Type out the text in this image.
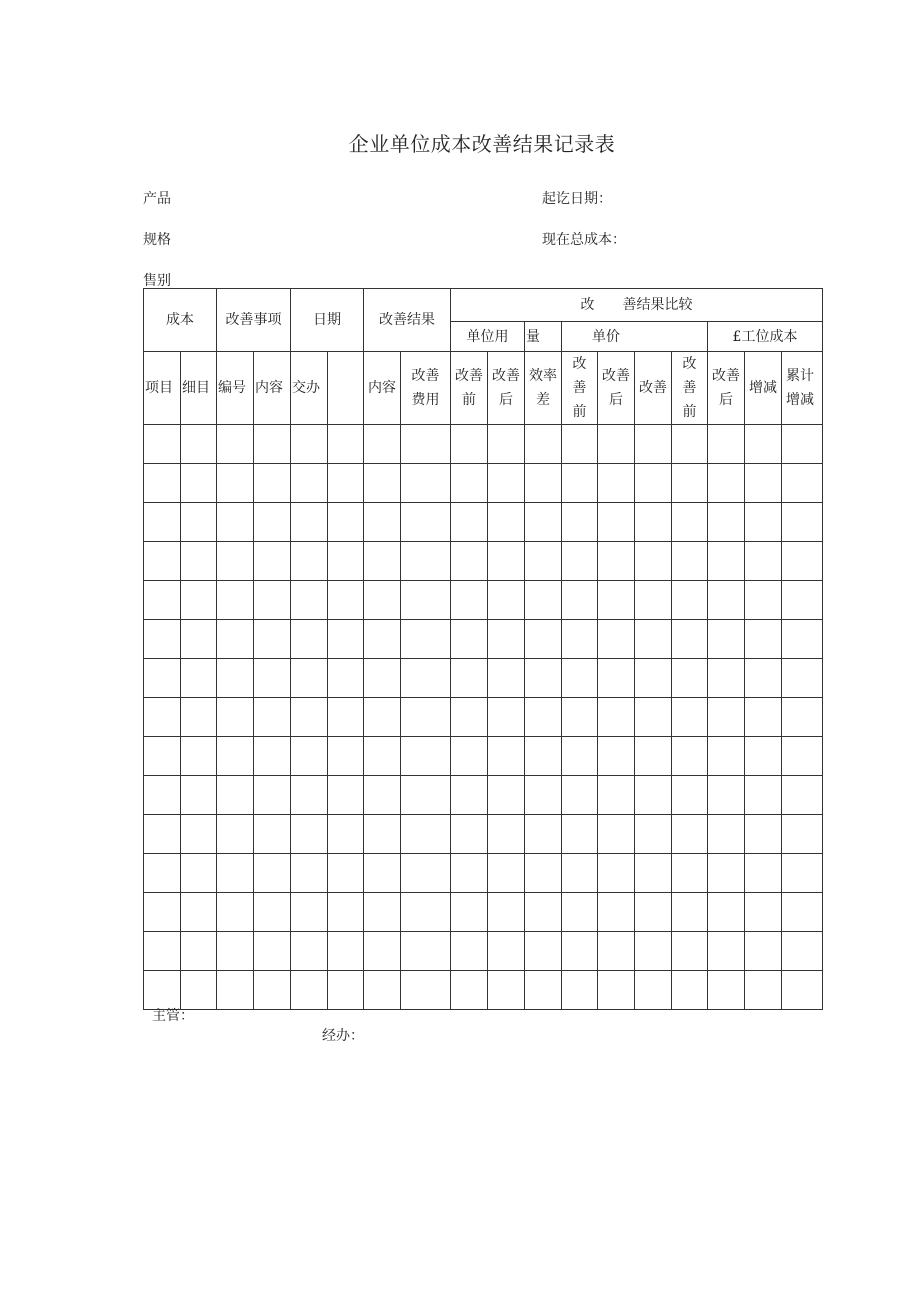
企业单位成本改善结果记录表
产品	起讫日期：
规格	现在总成本：
售别
成本		改善事项		日期		改善结果		改　　善结果比较									
								单位用		量	单价				£工位成本		
项目	细目	编号	内容	交办		内容	改善费用	改善前	改善后	效率差	改善前	改善后	改善	改善前	改善后	增减	累计增减

主管：
经办：
